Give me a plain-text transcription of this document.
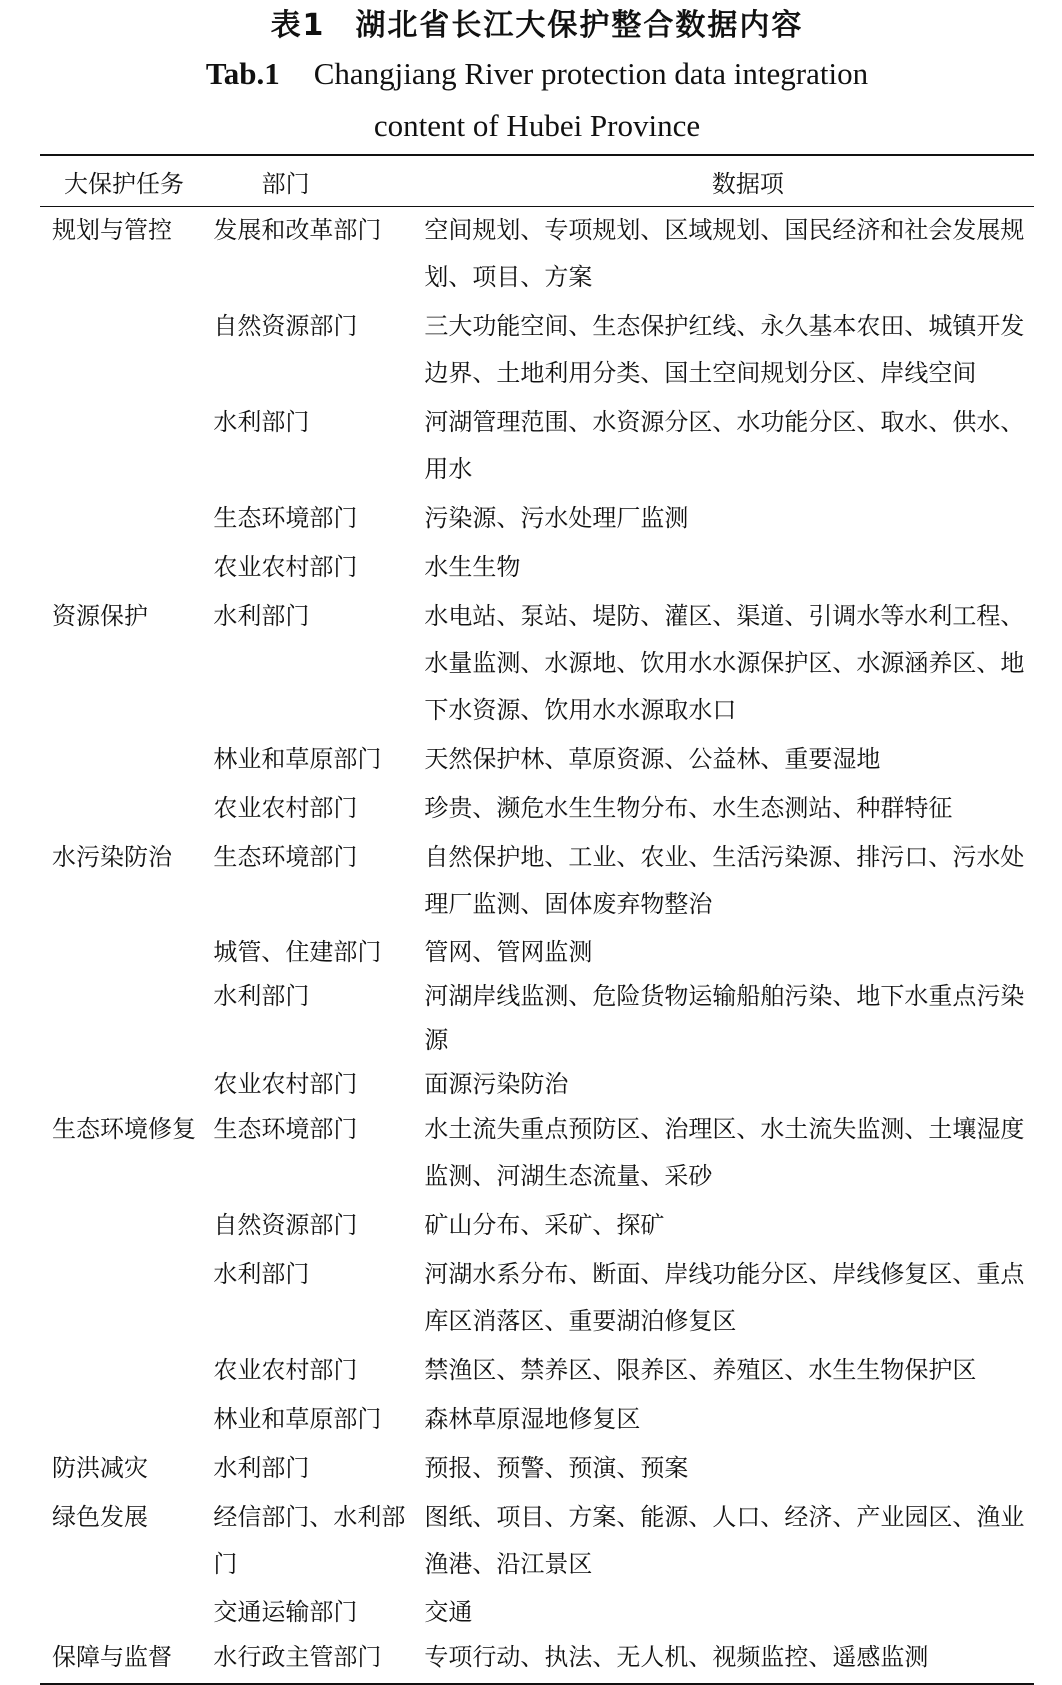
表1 湖北省长江大保护整合数据内容
Tab.1 Changjiang River protection data integration
content of Hubei Province
大保护任务	部门	数据项
规划与管控	发展和改革部门	空间规划、专项规划、区域规划、国民经济和社会发展规划、项目、方案
	自然资源部门	三大功能空间、生态保护红线、永久基本农田、城镇开发边界、土地利用分类、国土空间规划分区、岸线空间
	水利部门	河湖管理范围、水资源分区、水功能分区、取水、供水、用水
	生态环境部门	污染源、污水处理厂监测
	农业农村部门	水生生物
资源保护	水利部门	水电站、泵站、堤防、灌区、渠道、引调水等水利工程、水量监测、水源地、饮用水水源保护区、水源涵养区、地下水资源、饮用水水源取水口
	林业和草原部门	天然保护林、草原资源、公益林、重要湿地
	农业农村部门	珍贵、濒危水生生物分布、水生态测站、种群特征
水污染防治	生态环境部门	自然保护地、工业、农业、生活污染源、排污口、污水处理厂监测、固体废弃物整治
	城管、住建部门	管网、管网监测
	水利部门	河湖岸线监测、危险货物运输船舶污染、地下水重点污染源
	农业农村部门	面源污染防治
生态环境修复	生态环境部门	水土流失重点预防区、治理区、水土流失监测、土壤湿度监测、河湖生态流量、采砂
	自然资源部门	矿山分布、采矿、探矿
	水利部门	河湖水系分布、断面、岸线功能分区、岸线修复区、重点库区消落区、重要湖泊修复区
	农业农村部门	禁渔区、禁养区、限养区、养殖区、水生生物保护区
	林业和草原部门	森林草原湿地修复区
防洪减灾	水利部门	预报、预警、预演、预案
绿色发展	经信部门、水利部门	图纸、项目、方案、能源、人口、经济、产业园区、渔业渔港、沿江景区
	交通运输部门	交通
保障与监督	水行政主管部门	专项行动、执法、无人机、视频监控、遥感监测
